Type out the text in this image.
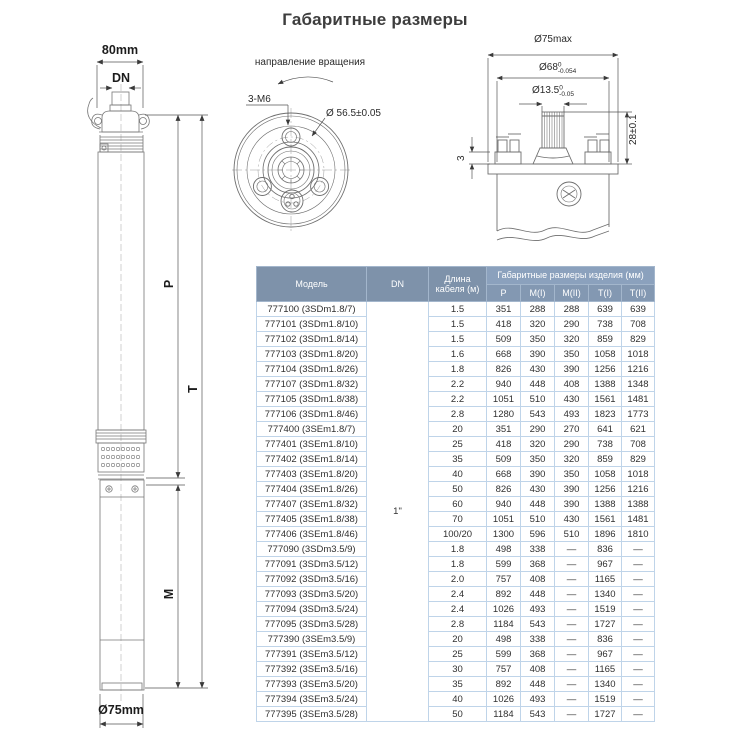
Габаритные размеры
80mm
DN
P
T
M
Ø75mm
направление вращения
3-М6
Ø 56.5±0.05
Ø75max
$Ø68^0$ -0.054
Ø13.5$^0$ -0.05
3
28±0.1
Модель	DN	Длина кабеля (м)	Габаритные размеры изделия (мм)				
			P	M(I)	M(II)	T(I)	T(II)
777100 (3SDm1.8/7)	1"	1.5	351	288	288	639	639
777101 (3SDm1.8/10)		1.5	418	320	290	738	708
777102 (3SDm1.8/14)		1.5	509	350	320	859	829
777103 (3SDm1.8/20)		1.6	668	390	350	1058	1018
777104 (3SDm1.8/26)		1.8	826	430	390	1256	1216
777107 (3SDm1.8/32)		2.2	940	448	408	1388	1348
777105 (3SDm1.8/38)		2.2	1051	510	430	1561	1481
777106 (3SDm1.8/46)		2.8	1280	543	493	1823	1773
777400 (3SEm1.8/7)		20	351	290	270	641	621
777401 (3SEm1.8/10)		25	418	320	290	738	708
777402 (3SEm1.8/14)		35	509	350	320	859	829
777403 (3SEm1.8/20)		40	668	390	350	1058	1018
777404 (3SEm1.8/26)		50	826	430	390	1256	1216
777407 (3SEm1.8/32)		60	940	448	390	1388	1388
777405 (3SEm1.8/38)		70	1051	510	430	1561	1481
777406 (3SEm1.8/46)		100/20	1300	596	510	1896	1810
777090 (3SDm3.5/9)		1.8	498	338	—	836	—
777091 (3SDm3.5/12)		1.8	599	368	—	967	—
777092 (3SDm3.5/16)		2.0	757	408	—	1165	—
777093 (3SDm3.5/20)		2.4	892	448	—	1340	—
777094 (3SDm3.5/24)		2.4	1026	493	—	1519	—
777095 (3SDm3.5/28)		2.8	1184	543	—	1727	—
777390 (3SEm3.5/9)		20	498	338	—	836	—
777391 (3SEm3.5/12)		25	599	368	—	967	—
777392 (3SEm3.5/16)		30	757	408	—	1165	—
777393 (3SEm3.5/20)		35	892	448	—	1340	—
777394 (3SEm3.5/24)		40	1026	493	—	1519	—
777395 (3SEm3.5/28)		50	1184	543	—	1727	—
